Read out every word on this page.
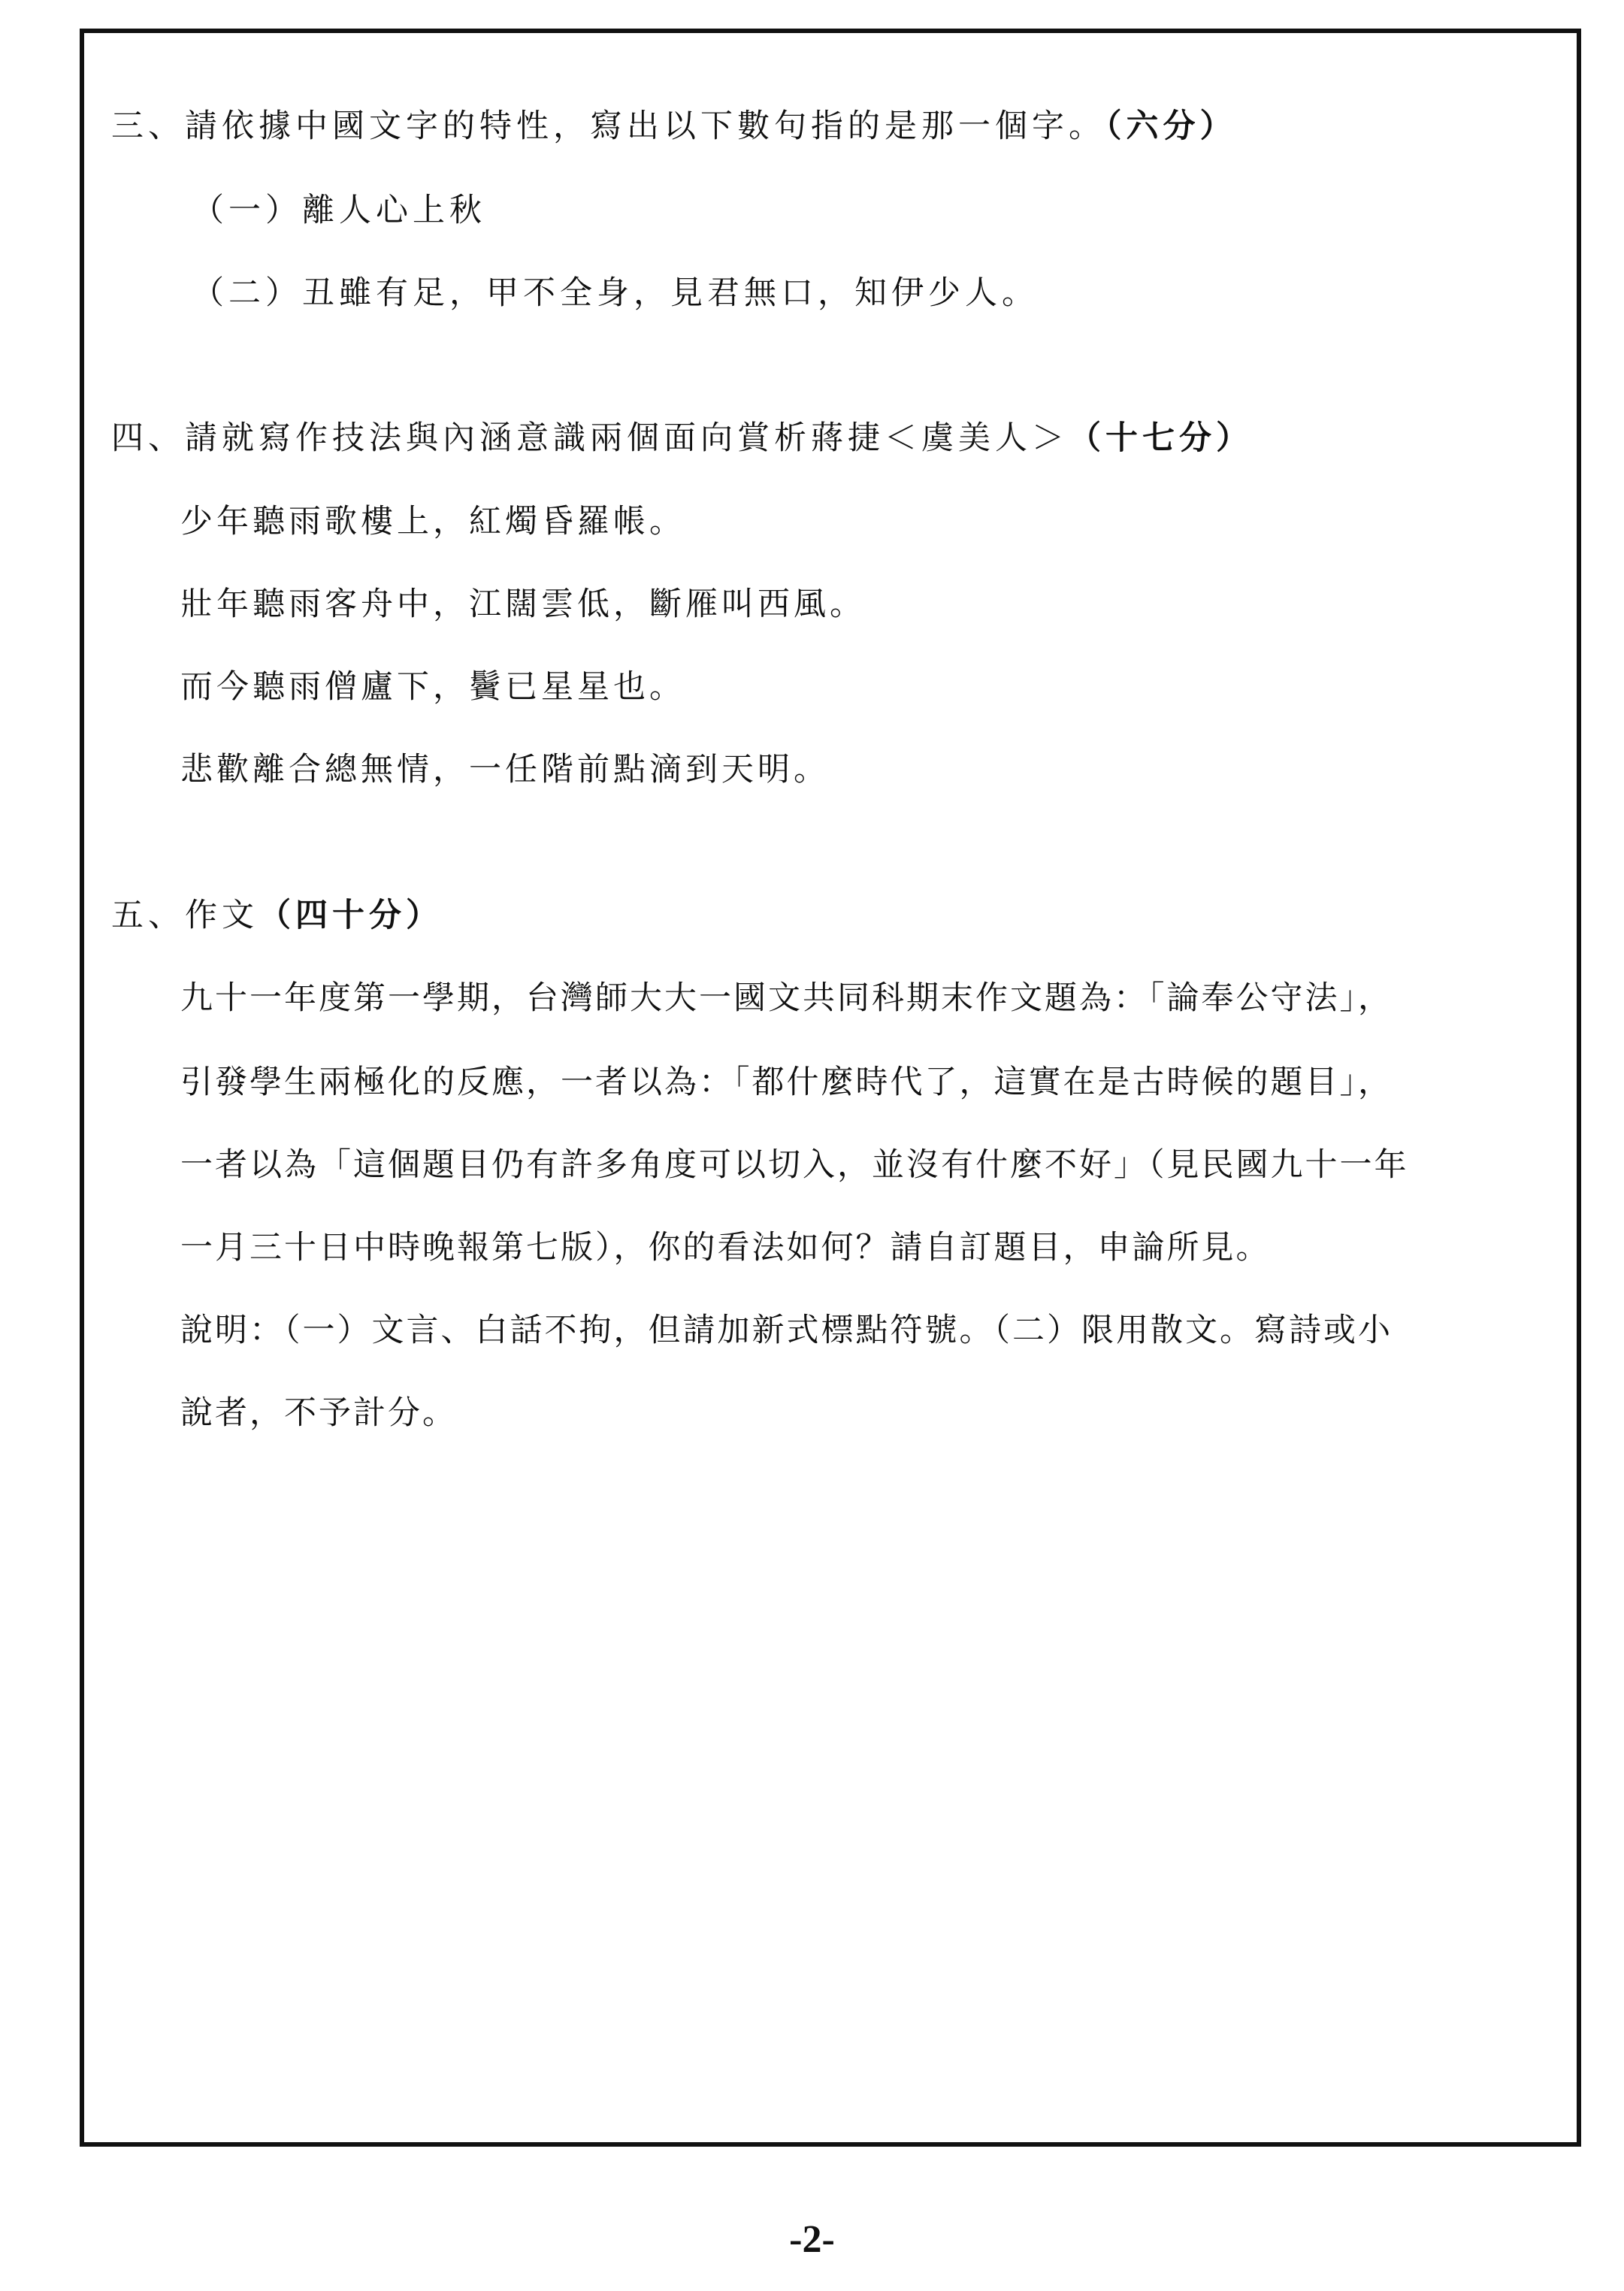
三、請依據中國文字的特性，寫出以下數句指的是那一個字。（六分）
（一）離人心上秋
（二）丑雖有足，甲不全身，見君無口，知伊少人。
四、請就寫作技法與內涵意識兩個面向賞析蔣捷＜虞美人＞（十七分）
少年聽雨歌樓上，紅燭昏羅帳。
壯年聽雨客舟中，江闊雲低，斷雁叫西風。
而今聽雨僧廬下，鬢已星星也。
悲歡離合總無情，一任階前點滴到天明。
五、作文（四十分）
九十一年度第一學期，台灣師大大一國文共同科期末作文題為：「論奉公守法」，
引發學生兩極化的反應，一者以為：「都什麼時代了，這實在是古時候的題目」，
一者以為「這個題目仍有許多角度可以切入，並沒有什麼不好」（見民國九十一年
一月三十日中時晚報第七版），你的看法如何？請自訂題目，申論所見。
說明：（一）文言、白話不拘，但請加新式標點符號。（二）限用散文。寫詩或小
說者，不予計分。
-2-
